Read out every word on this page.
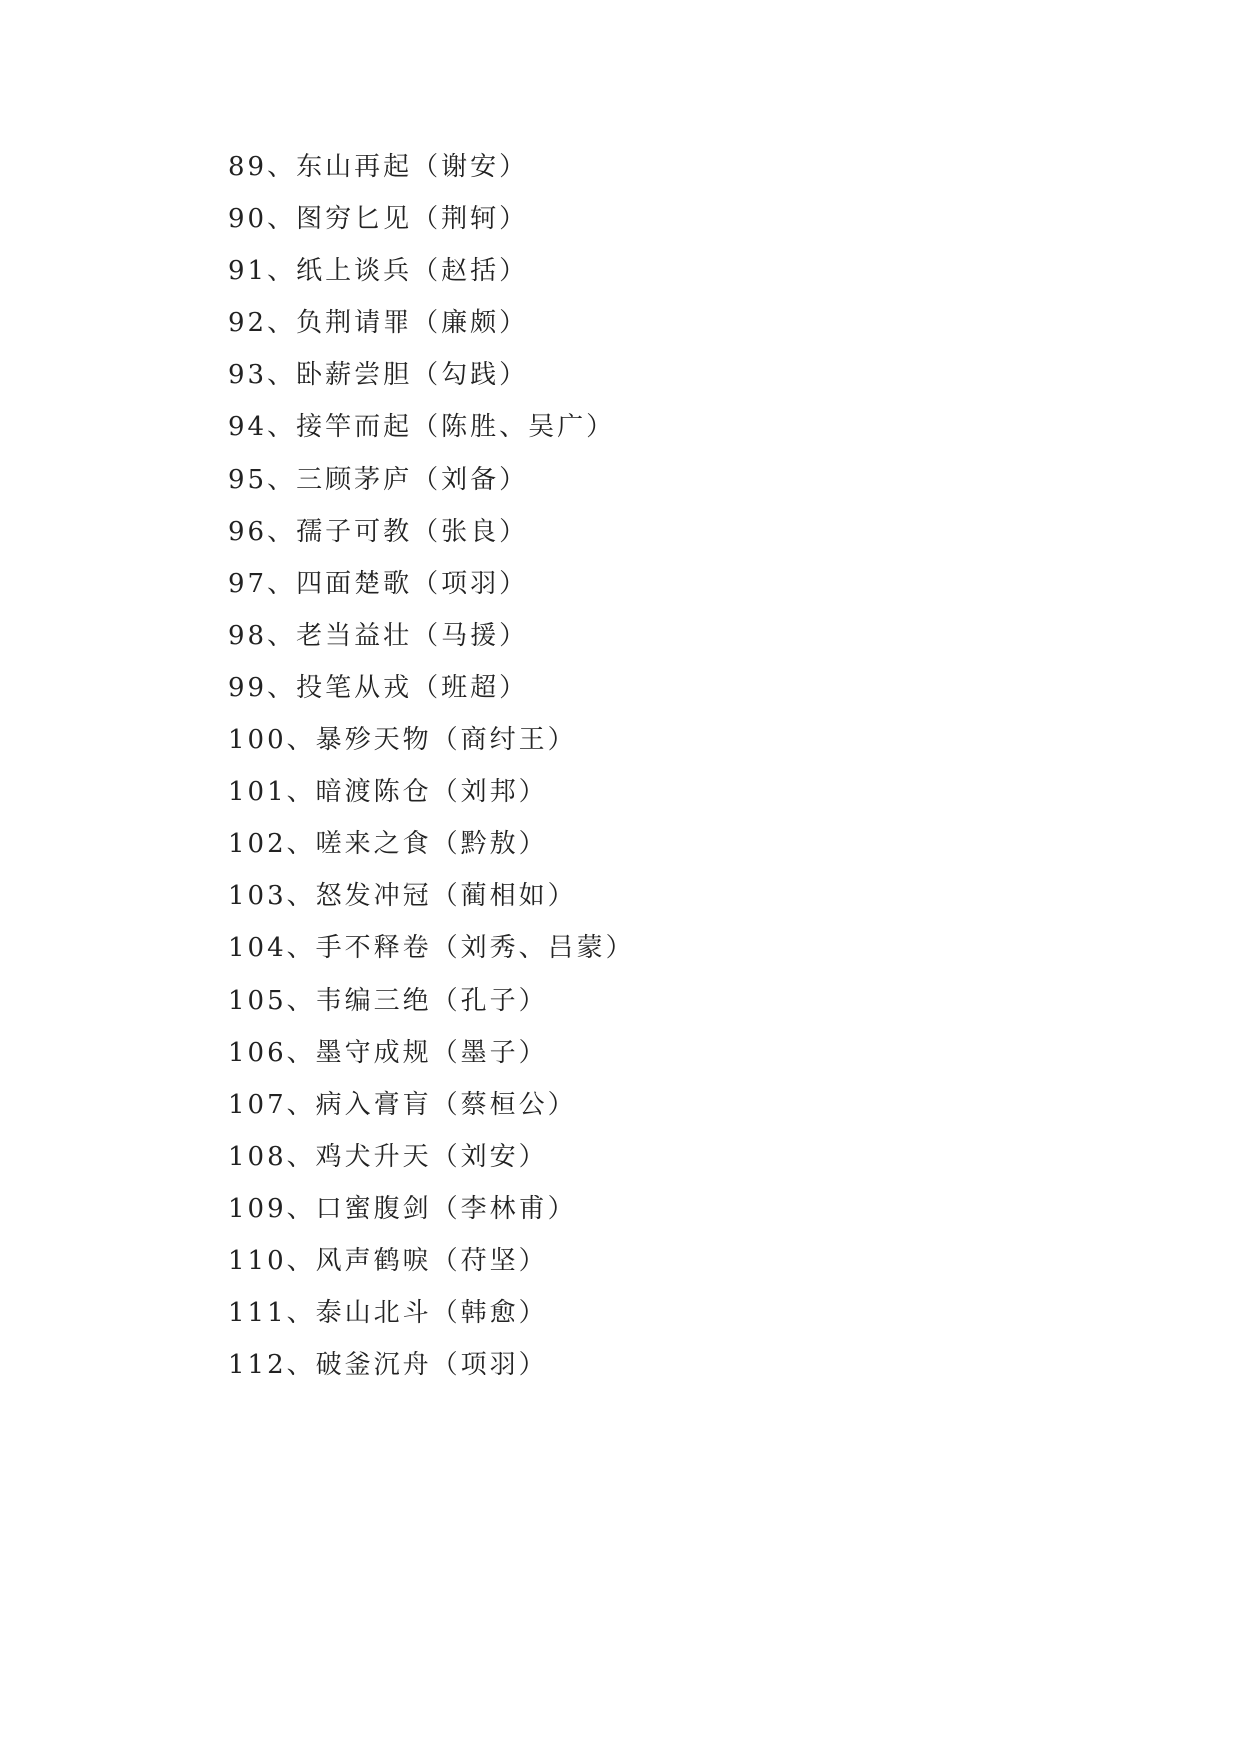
89、东山再起（谢安）
90、图穷匕见（荆轲）
91、纸上谈兵（赵括）
92、负荆请罪（廉颇）
93、卧薪尝胆（勾践）
94、接竿而起（陈胜、吴广）
95、三顾茅庐（刘备）
96、孺子可教（张良）
97、四面楚歌（项羽）
98、老当益壮（马援）
99、投笔从戎（班超）
100、暴殄天物（商纣王）
101、暗渡陈仓（刘邦）
102、嗟来之食（黔敖）
103、怒发冲冠（蔺相如）
104、手不释卷（刘秀、吕蒙）
105、韦编三绝（孔子）
106、墨守成规（墨子）
107、病入膏肓（蔡桓公）
108、鸡犬升天（刘安）
109、口蜜腹剑（李林甫）
110、风声鹤唳（苻坚）
111、泰山北斗（韩愈）
112、破釜沉舟（项羽）
